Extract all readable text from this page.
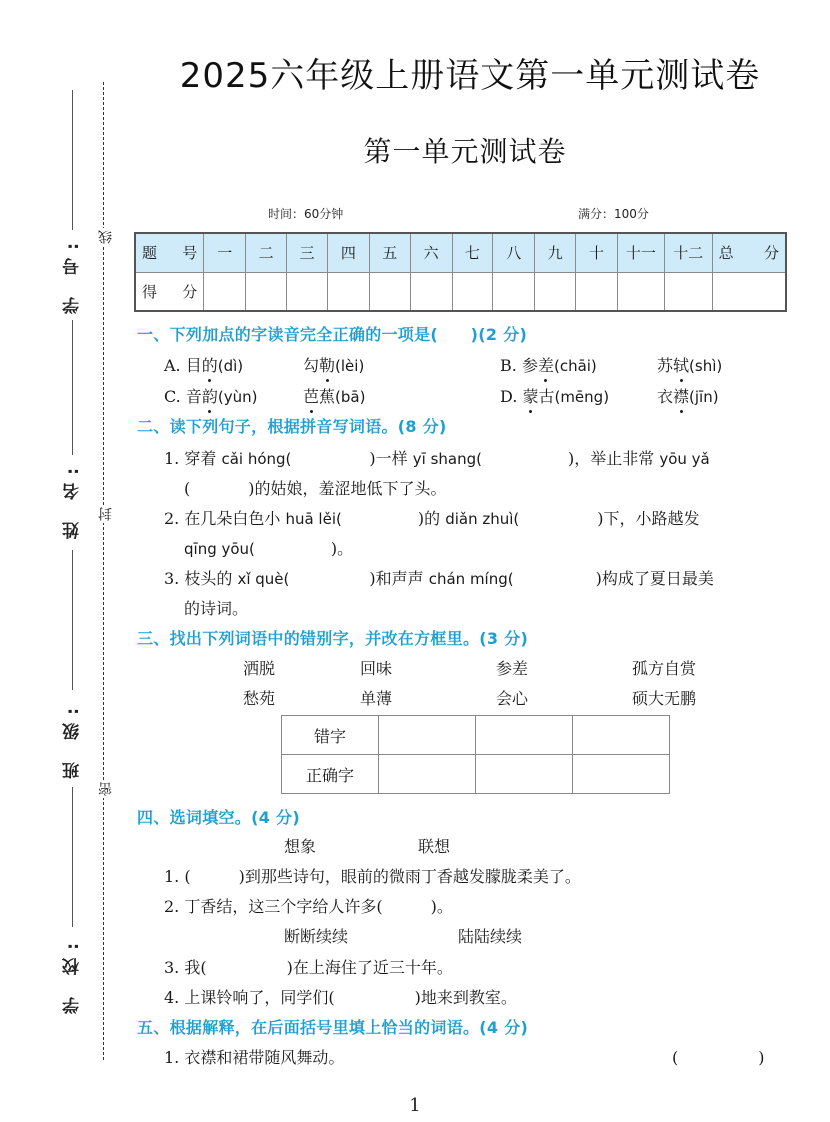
2025六年级上册语文第一单元测试卷
第一单元测试卷
时间：60分钟	满分：100分
学 号:
姓 名:
班 级:
学 校:
线
封
密
题 号	一	二	三	四	五	六	七	八	九	十	十一	十二	总 分

得 分													

一、下列加点的字读音完全正确的一项是(　　)(2 分)
A. 目的(dì)	勾勒(lèi)	B. 参差(chāi)	苏轼(shì)
C. 音韵(yùn)	芭蕉(bā)	D. 蒙古(mēng)	衣襟(jīn)
二、读下列句子，根据拼音写词语。(8 分)
1. 穿着 cǎi hóng(	)一样 yī shang(	)，举止非常 yōu yǎ
(	)的姑娘，羞涩地低下了头。
2. 在几朵白色小 huā lěi(	)的 diǎn zhuì(	)下，小路越发
qīng yōu(	)。
3. 枝头的 xǐ què(	)和声声 chán míng(	)构成了夏日最美
的诗词。
三、找出下列词语中的错别字，并改在方框里。(3 分)
洒脱	回味	参差	孤方自赏
愁苑	单薄	会心	硕大无鹏
错字			
正确字			
四、选词填空。(4 分)
想象	联想
1. (　　　)到那些诗句，眼前的微雨丁香越发朦胧柔美了。
2. 丁香结，这三个字给人许多(　　　)。
断断续续	陆陆续续
3. 我(　　　　　)在上海住了近三十年。
4. 上课铃响了，同学们(　　　　　)地来到教室。
五、根据解释，在后面括号里填上恰当的词语。(4 分)
1. 衣襟和裙带随风舞动。	(　　　　　)
1
